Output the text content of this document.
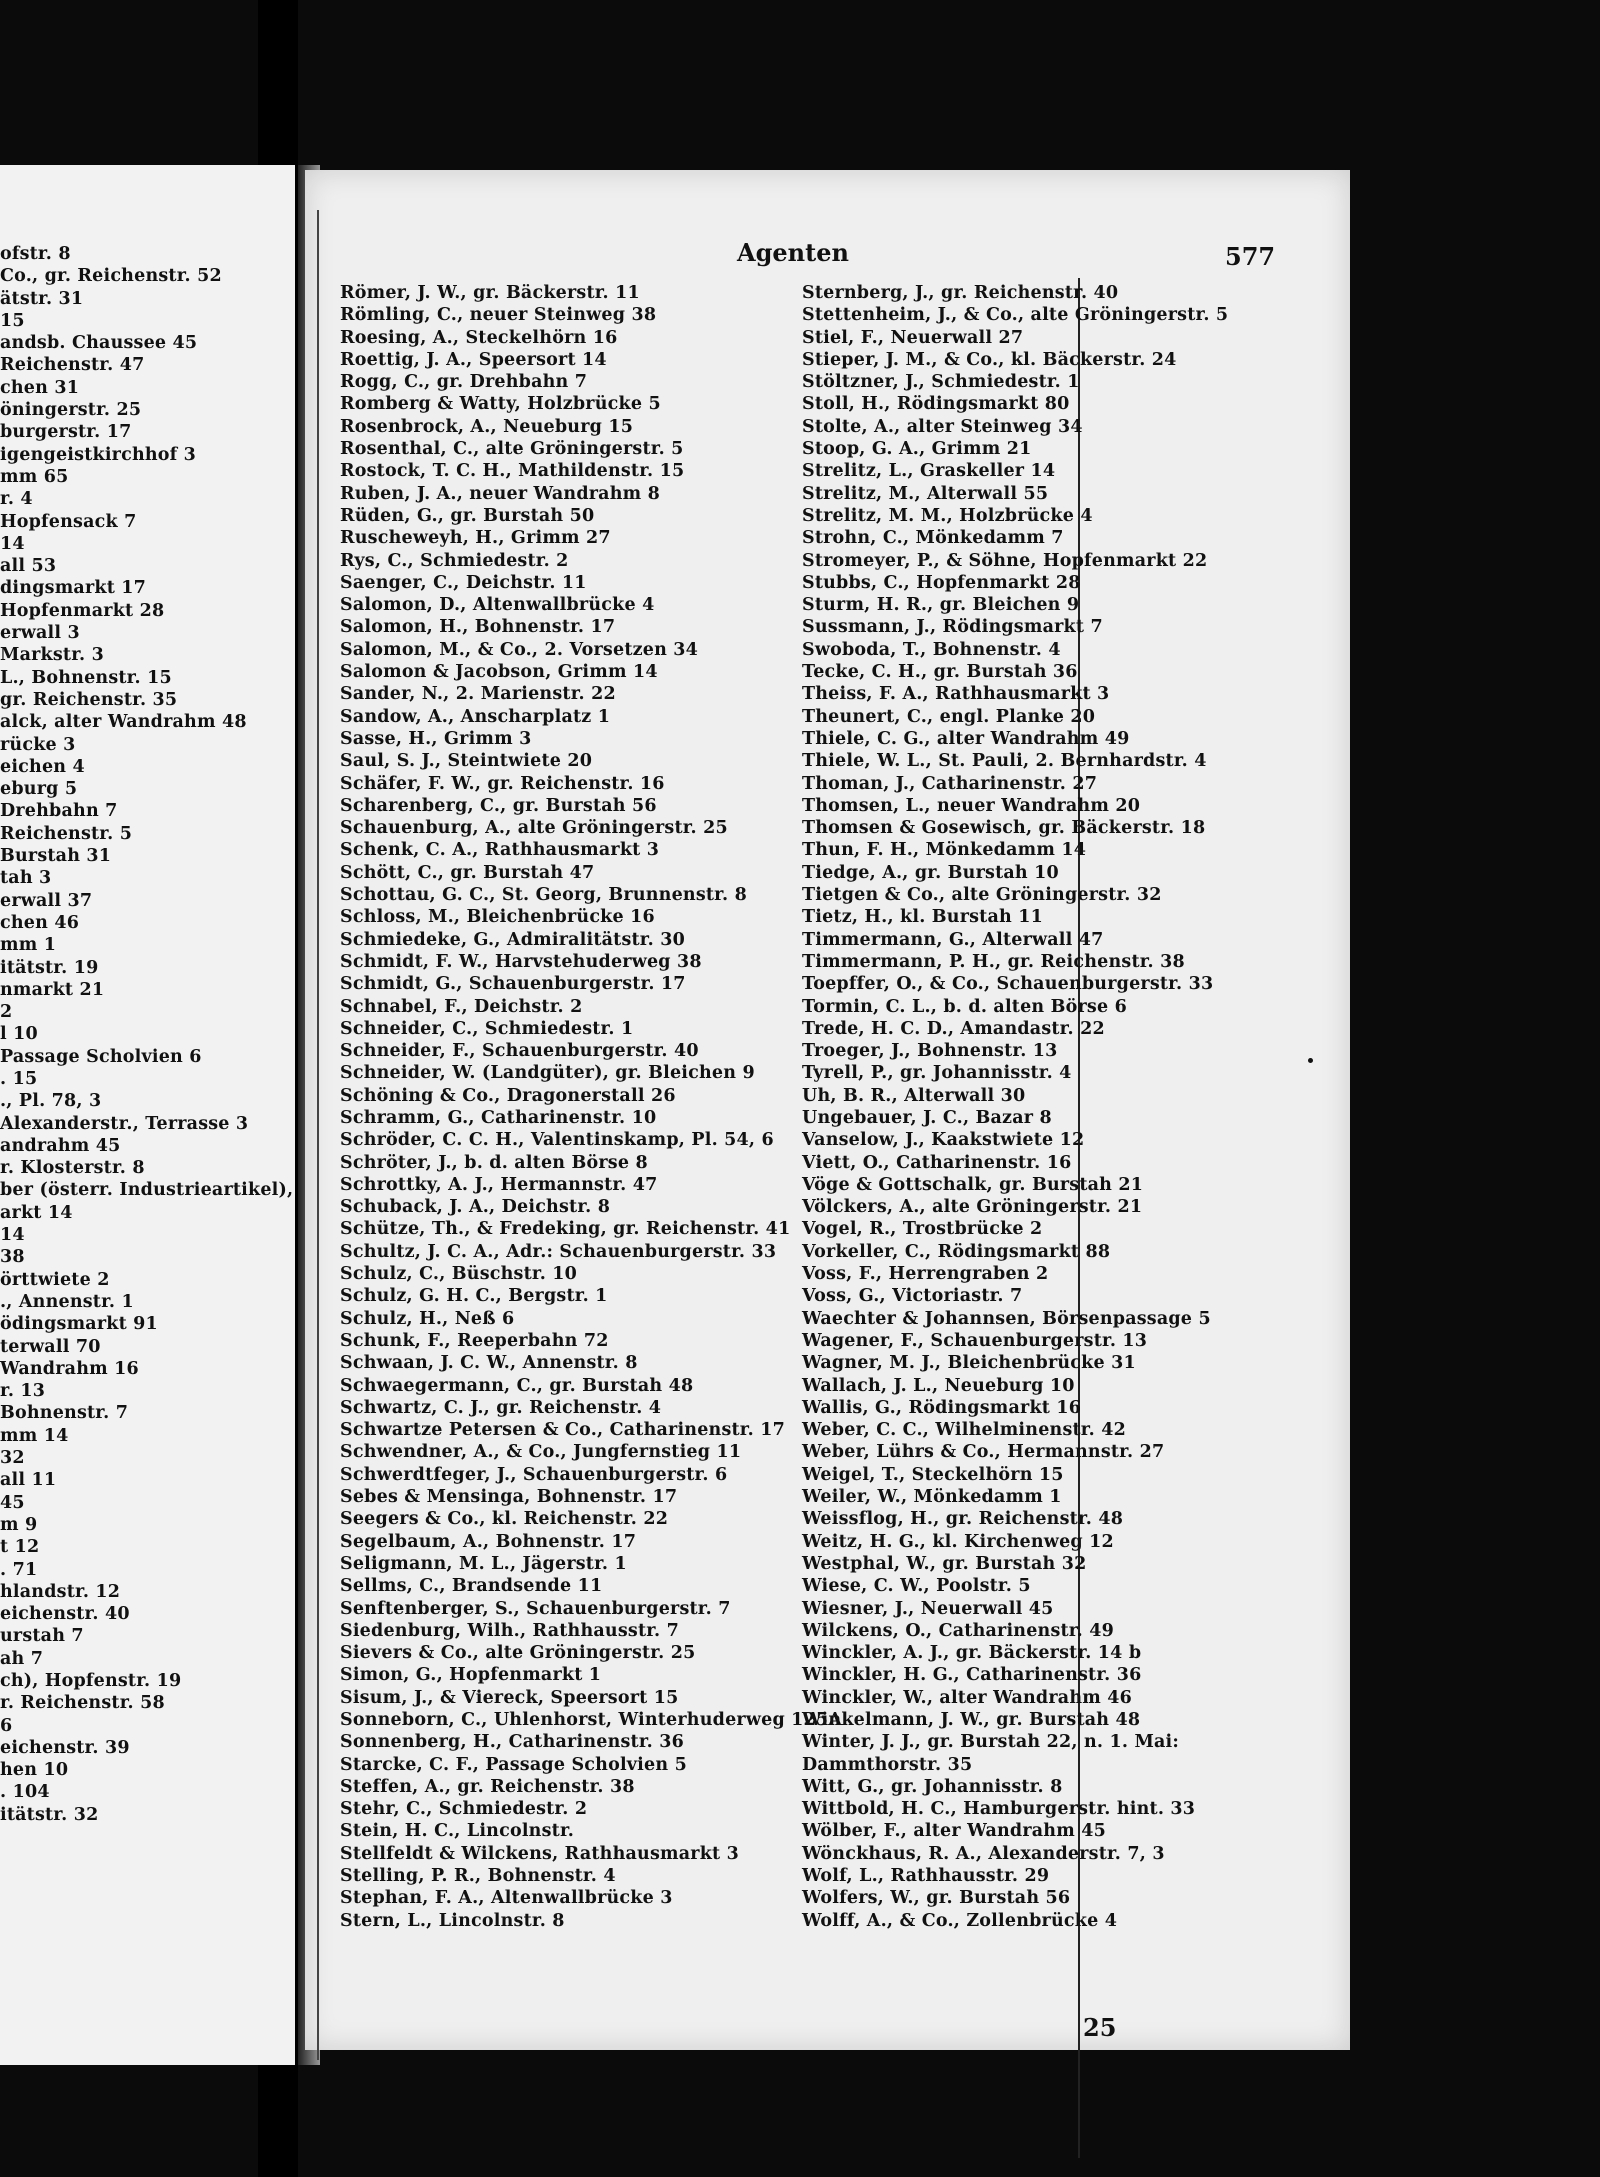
ofstr. 8
Co., gr. Reichenstr. 52
ätstr. 31
15
andsb. Chaussee 45
Reichenstr. 47
chen 31
öningerstr. 25
burgerstr. 17
igengeistkirchhof 3
mm 65
r. 4
Hopfensack 7
14
all 53
dingsmarkt 17
Hopfenmarkt 28
erwall 3
Markstr. 3
L., Bohnenstr. 15
gr. Reichenstr. 35
alck, alter Wandrahm 48
rücke 3
eichen 4
eburg 5
Drehbahn 7
Reichenstr. 5
Burstah 31
tah 3
erwall 37
chen 46
mm 1
itätstr. 19
nmarkt 21
2
l 10
Passage Scholvien 6
. 15
., Pl. 78, 3
Alexanderstr., Terrasse 3
andrahm 45
r. Klosterstr. 8
ber (österr. Industrieartikel),
arkt 14
14
38
örttwiete 2
., Annenstr. 1
ödingsmarkt 91
terwall 70
Wandrahm 16
r. 13
Bohnenstr. 7
mm 14
32
all 11
45
m 9
t 12
. 71
hlandstr. 12
eichenstr. 40
urstah 7
ah 7
ch), Hopfenstr. 19
r. Reichenstr. 58
6
eichenstr. 39
hen 10
. 104
itätstr. 32
Agenten	577
Römer, J. W., gr. Bäckerstr. 11
Römling, C., neuer Steinweg 38
Roesing, A., Steckelhörn 16
Roettig, J. A., Speersort 14
Rogg, C., gr. Drehbahn 7
Romberg & Watty, Holzbrücke 5
Rosenbrock, A., Neueburg 15
Rosenthal, C., alte Gröningerstr. 5
Rostock, T. C. H., Mathildenstr. 15
Ruben, J. A., neuer Wandrahm 8
Rüden, G., gr. Burstah 50
Ruscheweyh, H., Grimm 27
Rys, C., Schmiedestr. 2
Saenger, C., Deichstr. 11
Salomon, D., Altenwallbrücke 4
Salomon, H., Bohnenstr. 17
Salomon, M., & Co., 2. Vorsetzen 34
Salomon & Jacobson, Grimm 14
Sander, N., 2. Marienstr. 22
Sandow, A., Anscharplatz 1
Sasse, H., Grimm 3
Saul, S. J., Steintwiete 20
Schäfer, F. W., gr. Reichenstr. 16
Scharenberg, C., gr. Burstah 56
Schauenburg, A., alte Gröningerstr. 25
Schenk, C. A., Rathhausmarkt 3
Schött, C., gr. Burstah 47
Schottau, G. C., St. Georg, Brunnenstr. 8
Schloss, M., Bleichenbrücke 16
Schmiedeke, G., Admiralitätstr. 30
Schmidt, F. W., Harvstehuderweg 38
Schmidt, G., Schauenburgerstr. 17
Schnabel, F., Deichstr. 2
Schneider, C., Schmiedestr. 1
Schneider, F., Schauenburgerstr. 40
Schneider, W. (Landgüter), gr. Bleichen 9
Schöning & Co., Dragonerstall 26
Schramm, G., Catharinenstr. 10
Schröder, C. C. H., Valentinskamp, Pl. 54, 6
Schröter, J., b. d. alten Börse 8
Schrottky, A. J., Hermannstr. 47
Schuback, J. A., Deichstr. 8
Schütze, Th., & Fredeking, gr. Reichenstr. 41
Schultz, J. C. A., Adr.: Schauenburgerstr. 33
Schulz, C., Büschstr. 10
Schulz, G. H. C., Bergstr. 1
Schulz, H., Neß 6
Schunk, F., Reeperbahn 72
Schwaan, J. C. W., Annenstr. 8
Schwaegermann, C., gr. Burstah 48
Schwartz, C. J., gr. Reichenstr. 4
Schwartze Petersen & Co., Catharinenstr. 17
Schwendner, A., & Co., Jungfernstieg 11
Schwerdtfeger, J., Schauenburgerstr. 6
Sebes & Mensinga, Bohnenstr. 17
Seegers & Co., kl. Reichenstr. 22
Segelbaum, A., Bohnenstr. 17
Seligmann, M. L., Jägerstr. 1
Sellms, C., Brandsende 11
Senftenberger, S., Schauenburgerstr. 7
Siedenburg, Wilh., Rathhausstr. 7
Sievers & Co., alte Gröningerstr. 25
Simon, G., Hopfenmarkt 1
Sisum, J., & Viereck, Speersort 15
Sonneborn, C., Uhlenhorst, Winterhuderweg 125A
Sonnenberg, H., Catharinenstr. 36
Starcke, C. F., Passage Scholvien 5
Steffen, A., gr. Reichenstr. 38
Stehr, C., Schmiedestr. 2
Stein, H. C., Lincolnstr.
Stellfeldt & Wilckens, Rathhausmarkt 3
Stelling, P. R., Bohnenstr. 4
Stephan, F. A., Altenwallbrücke 3
Stern, L., Lincolnstr. 8
Sternberg, J., gr. Reichenstr. 40
Stettenheim, J., & Co., alte Gröningerstr. 5
Stiel, F., Neuerwall 27
Stieper, J. M., & Co., kl. Bäckerstr. 24
Stöltzner, J., Schmiedestr. 1
Stoll, H., Rödingsmarkt 80
Stolte, A., alter Steinweg 34
Stoop, G. A., Grimm 21
Strelitz, L., Graskeller 14
Strelitz, M., Alterwall 55
Strelitz, M. M., Holzbrücke 4
Strohn, C., Mönkedamm 7
Stromeyer, P., & Söhne, Hopfenmarkt 22
Stubbs, C., Hopfenmarkt 28
Sturm, H. R., gr. Bleichen 9
Sussmann, J., Rödingsmarkt 7
Swoboda, T., Bohnenstr. 4
Tecke, C. H., gr. Burstah 36
Theiss, F. A., Rathhausmarkt 3
Theunert, C., engl. Planke 20
Thiele, C. G., alter Wandrahm 49
Thiele, W. L., St. Pauli, 2. Bernhardstr. 4
Thoman, J., Catharinenstr. 27
Thomsen, L., neuer Wandrahm 20
Thomsen & Gosewisch, gr. Bäckerstr. 18
Thun, F. H., Mönkedamm 14
Tiedge, A., gr. Burstah 10
Tietgen & Co., alte Gröningerstr. 32
Tietz, H., kl. Burstah 11
Timmermann, G., Alterwall 47
Timmermann, P. H., gr. Reichenstr. 38
Toepffer, O., & Co., Schauenburgerstr. 33
Tormin, C. L., b. d. alten Börse 6
Trede, H. C. D., Amandastr. 22
Troeger, J., Bohnenstr. 13
Tyrell, P., gr. Johannisstr. 4
Uh, B. R., Alterwall 30
Ungebauer, J. C., Bazar 8
Vanselow, J., Kaakstwiete 12
Viett, O., Catharinenstr. 16
Vöge & Gottschalk, gr. Burstah 21
Völckers, A., alte Gröningerstr. 21
Vogel, R., Trostbrücke 2
Vorkeller, C., Rödingsmarkt 88
Voss, F., Herrengraben 2
Voss, G., Victoriastr. 7
Waechter & Johannsen, Börsenpassage 5
Wagener, F., Schauenburgerstr. 13
Wagner, M. J., Bleichenbrücke 31
Wallach, J. L., Neueburg 10
Wallis, G., Rödingsmarkt 16
Weber, C. C., Wilhelminenstr. 42
Weber, Lührs & Co., Hermannstr. 27
Weigel, T., Steckelhörn 15
Weiler, W., Mönkedamm 1
Weissflog, H., gr. Reichenstr. 48
Weitz, H. G., kl. Kirchenweg 12
Westphal, W., gr. Burstah 32
Wiese, C. W., Poolstr. 5
Wiesner, J., Neuerwall 45
Wilckens, O., Catharinenstr. 49
Winckler, A. J., gr. Bäckerstr. 14 b
Winckler, H. G., Catharinenstr. 36
Winckler, W., alter Wandrahm 46
Winkelmann, J. W., gr. Burstah 48
Winter, J. J., gr. Burstah 22, n. 1. Mai:
Dammthorstr. 35
Witt, G., gr. Johannisstr. 8
Wittbold, H. C., Hamburgerstr. hint. 33
Wölber, F., alter Wandrahm 45
Wönckhaus, R. A., Alexanderstr. 7, 3
Wolf, L., Rathhausstr. 29
Wolfers, W., gr. Burstah 56
Wolff, A., & Co., Zollenbrücke 4
25
